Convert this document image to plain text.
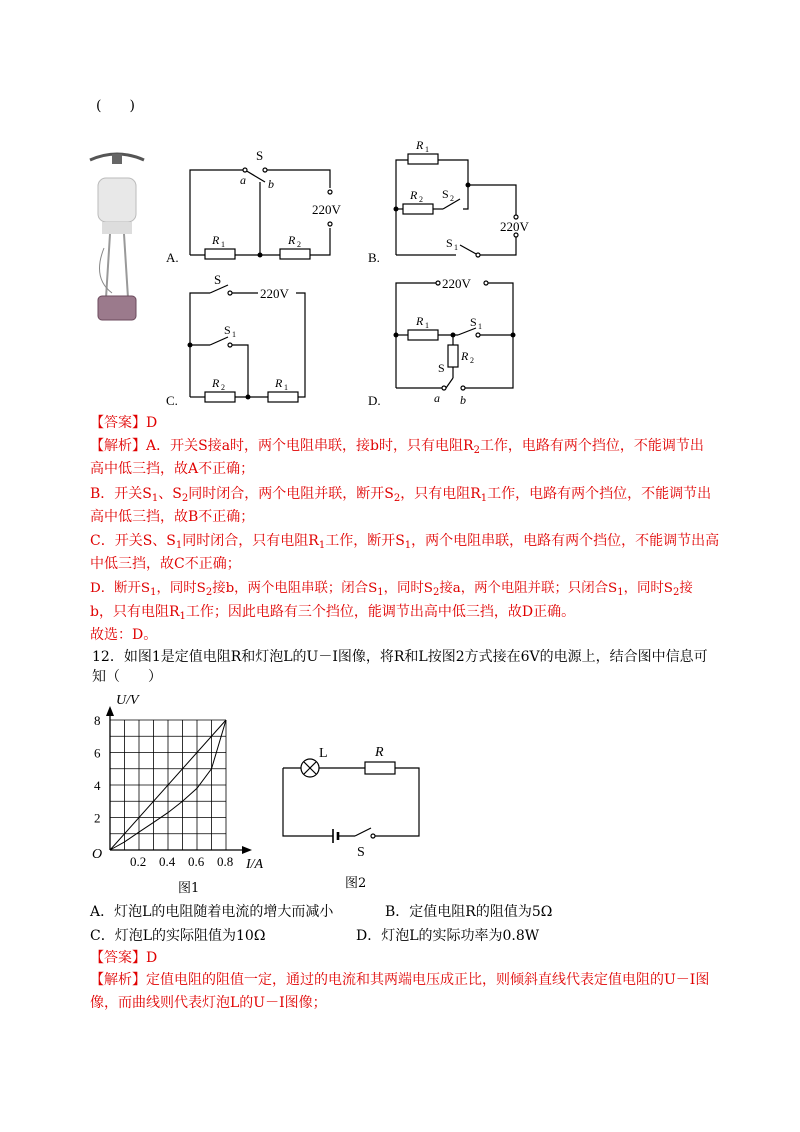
(　　)
S
a b
220V
R 1	R 2
A.
R 1
R 2 S 2
220V
S 1
B.
S
220V
S 1
R 2	R 1
C.
220V
R 1	S 1
R 2
S
a b
D.
【答案】D
【解析】A．开关S接a时，两个电阻串联，接b时，只有电阻$R_2$工作，电路有两个挡位，不能调节出
高中低三挡，故A不正确；
B．开关$S_1$、$S_2$同时闭合，两个电阻并联，断开$S_2$，只有电阻$R_1$工作，电路有两个挡位，不能调节出
高中低三挡，故B不正确；
C．开关S、$S_1$同时闭合，只有电阻$R_1$工作，断开$S_1$，两个电阻串联，电路有两个挡位，不能调节出高
中低三挡，故C不正确；
D．断开$S_1$，同时$S_2$接b，两个电阻串联；闭合$S_1$，同时$S_2$接a，两个电阻并联；只闭合$S_1$，同时$S_2$接
b，只有电阻$R_1$工作；因此电路有三个挡位，能调节出高中低三挡，故D正确。
故选：D。
12．如图1是定值电阻R和灯泡L的U－I图像，将R和L按图2方式接在6V的电源上，结合图中信息可
知（　　）
0.2 0.4 0.6 0.8
2
4
6
8
U/V
I/A
O
图1
L	R
S
图2
A．灯泡L的电阻随着电流的增大而减小	B．定值电阻R的阻值为5Ω
C．灯泡L的实际阻值为10Ω	D．灯泡L的实际功率为0.8W
【答案】D
【解析】定值电阻的阻值一定，通过的电流和其两端电压成正比，则倾斜直线代表定值电阻的U－I图
像，而曲线则代表灯泡L的U－I图像；
